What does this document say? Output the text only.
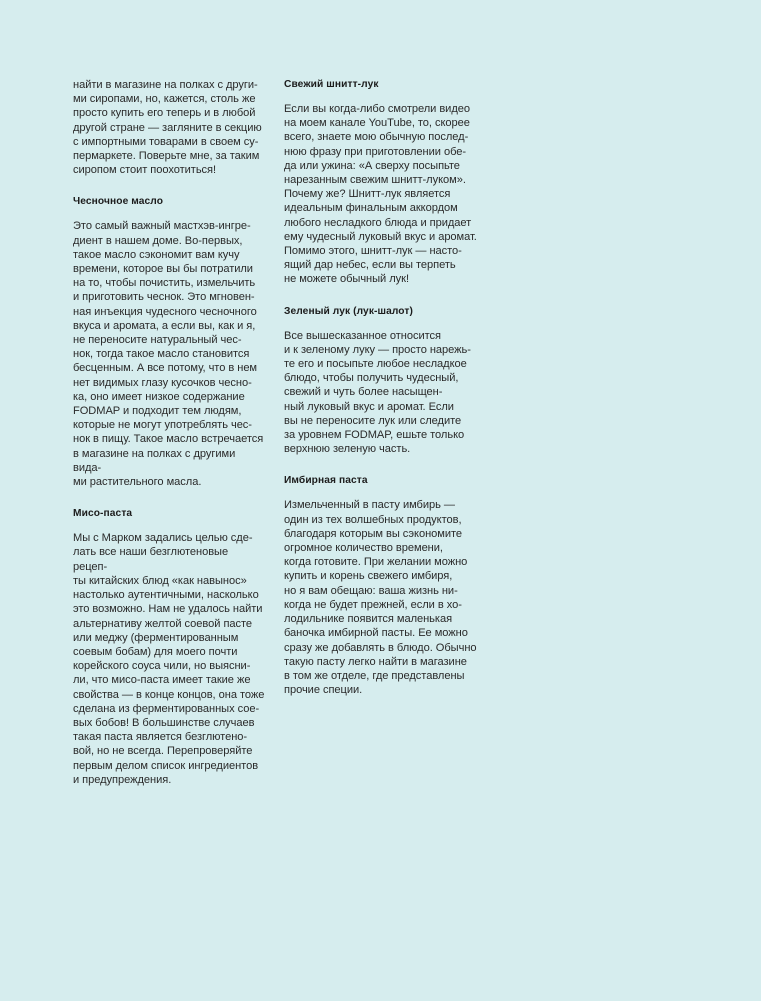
найти в магазине на полках с други-
ми сиропами, но, кажется, столь же
просто купить его теперь и в любой
другой стране — загляните в секцию
с импортными товарами в своем су-
пермаркете. Поверьте мне, за таким
сиропом стоит поохотиться!

Чесночное масло

Это самый важный мастхэв-ингре-
диент в нашем доме. Во-первых,
такое масло сэкономит вам кучу
времени, которое вы бы потратили
на то, чтобы почистить, измельчить
и приготовить чеснок. Это мгновен-
ная инъекция чудесного чесночного
вкуса и аромата, а если вы, как и я,
не переносите натуральный чес-
нок, тогда такое масло становится
бесценным. А все потому, что в нем
нет видимых глазу кусочков чесно-
ка, оно имеет низкое содержание
FODMAP и подходит тем людям,
которые не могут употреблять чес-
нок в пищу. Такое масло встречается
в магазине на полках с другими вида-
ми растительного масла.

Мисо-паста

Мы с Марком задались целью сде-
лать все наши безглютеновые рецеп-
ты китайских блюд «как навынос»
настолько аутентичными, насколько
это возможно. Нам не удалось найти
альтернативу желтой соевой пасте
или меджу (ферментированным
соевым бобам) для моего почти
корейского соуса чили, но выясни-
ли, что мисо-паста имеет такие же
свойства — в конце концов, она тоже
сделана из ферментированных сое-
вых бобов! В большинстве случаев
такая паста является безглютено-
вой, но не всегда. Перепроверяйте
первым делом список ингредиентов
и предупреждения.

Свежий шнитт-лук

Если вы когда-либо смотрели видео
на моем канале YouTube, то, скорее
всего, знаете мою обычную послед-
нюю фразу при приготовлении обе-
да или ужина: «А сверху посыпьте
нарезанным свежим шнитт-луком».
Почему же? Шнитт-лук является
идеальным финальным аккордом
любого несладкого блюда и придает
ему чудесный луковый вкус и аромат.
Помимо этого, шнитт-лук — насто-
ящий дар небес, если вы терпеть
не можете обычный лук!

Зеленый лук (лук-шалот)

Все вышесказанное относится
и к зеленому луку — просто нарежь-
те его и посыпьте любое несладкое
блюдо, чтобы получить чудесный,
свежий и чуть более насыщен-
ный луковый вкус и аромат. Если
вы не переносите лук или следите
за уровнем FODMAP, ешьте только
верхнюю зеленую часть.

Имбирная паста

Измельченный в пасту имбирь —
один из тех волшебных продуктов,
благодаря которым вы сэкономите
огромное количество времени,
когда готовите. При желании можно
купить и корень свежего имбиря,
но я вам обещаю: ваша жизнь ни-
когда не будет прежней, если в хо-
лодильнике появится маленькая
баночка имбирной пасты. Ее можно
сразу же добавлять в блюдо. Обычно
такую пасту легко найти в магазине
в том же отделе, где представлены
прочие специи.
